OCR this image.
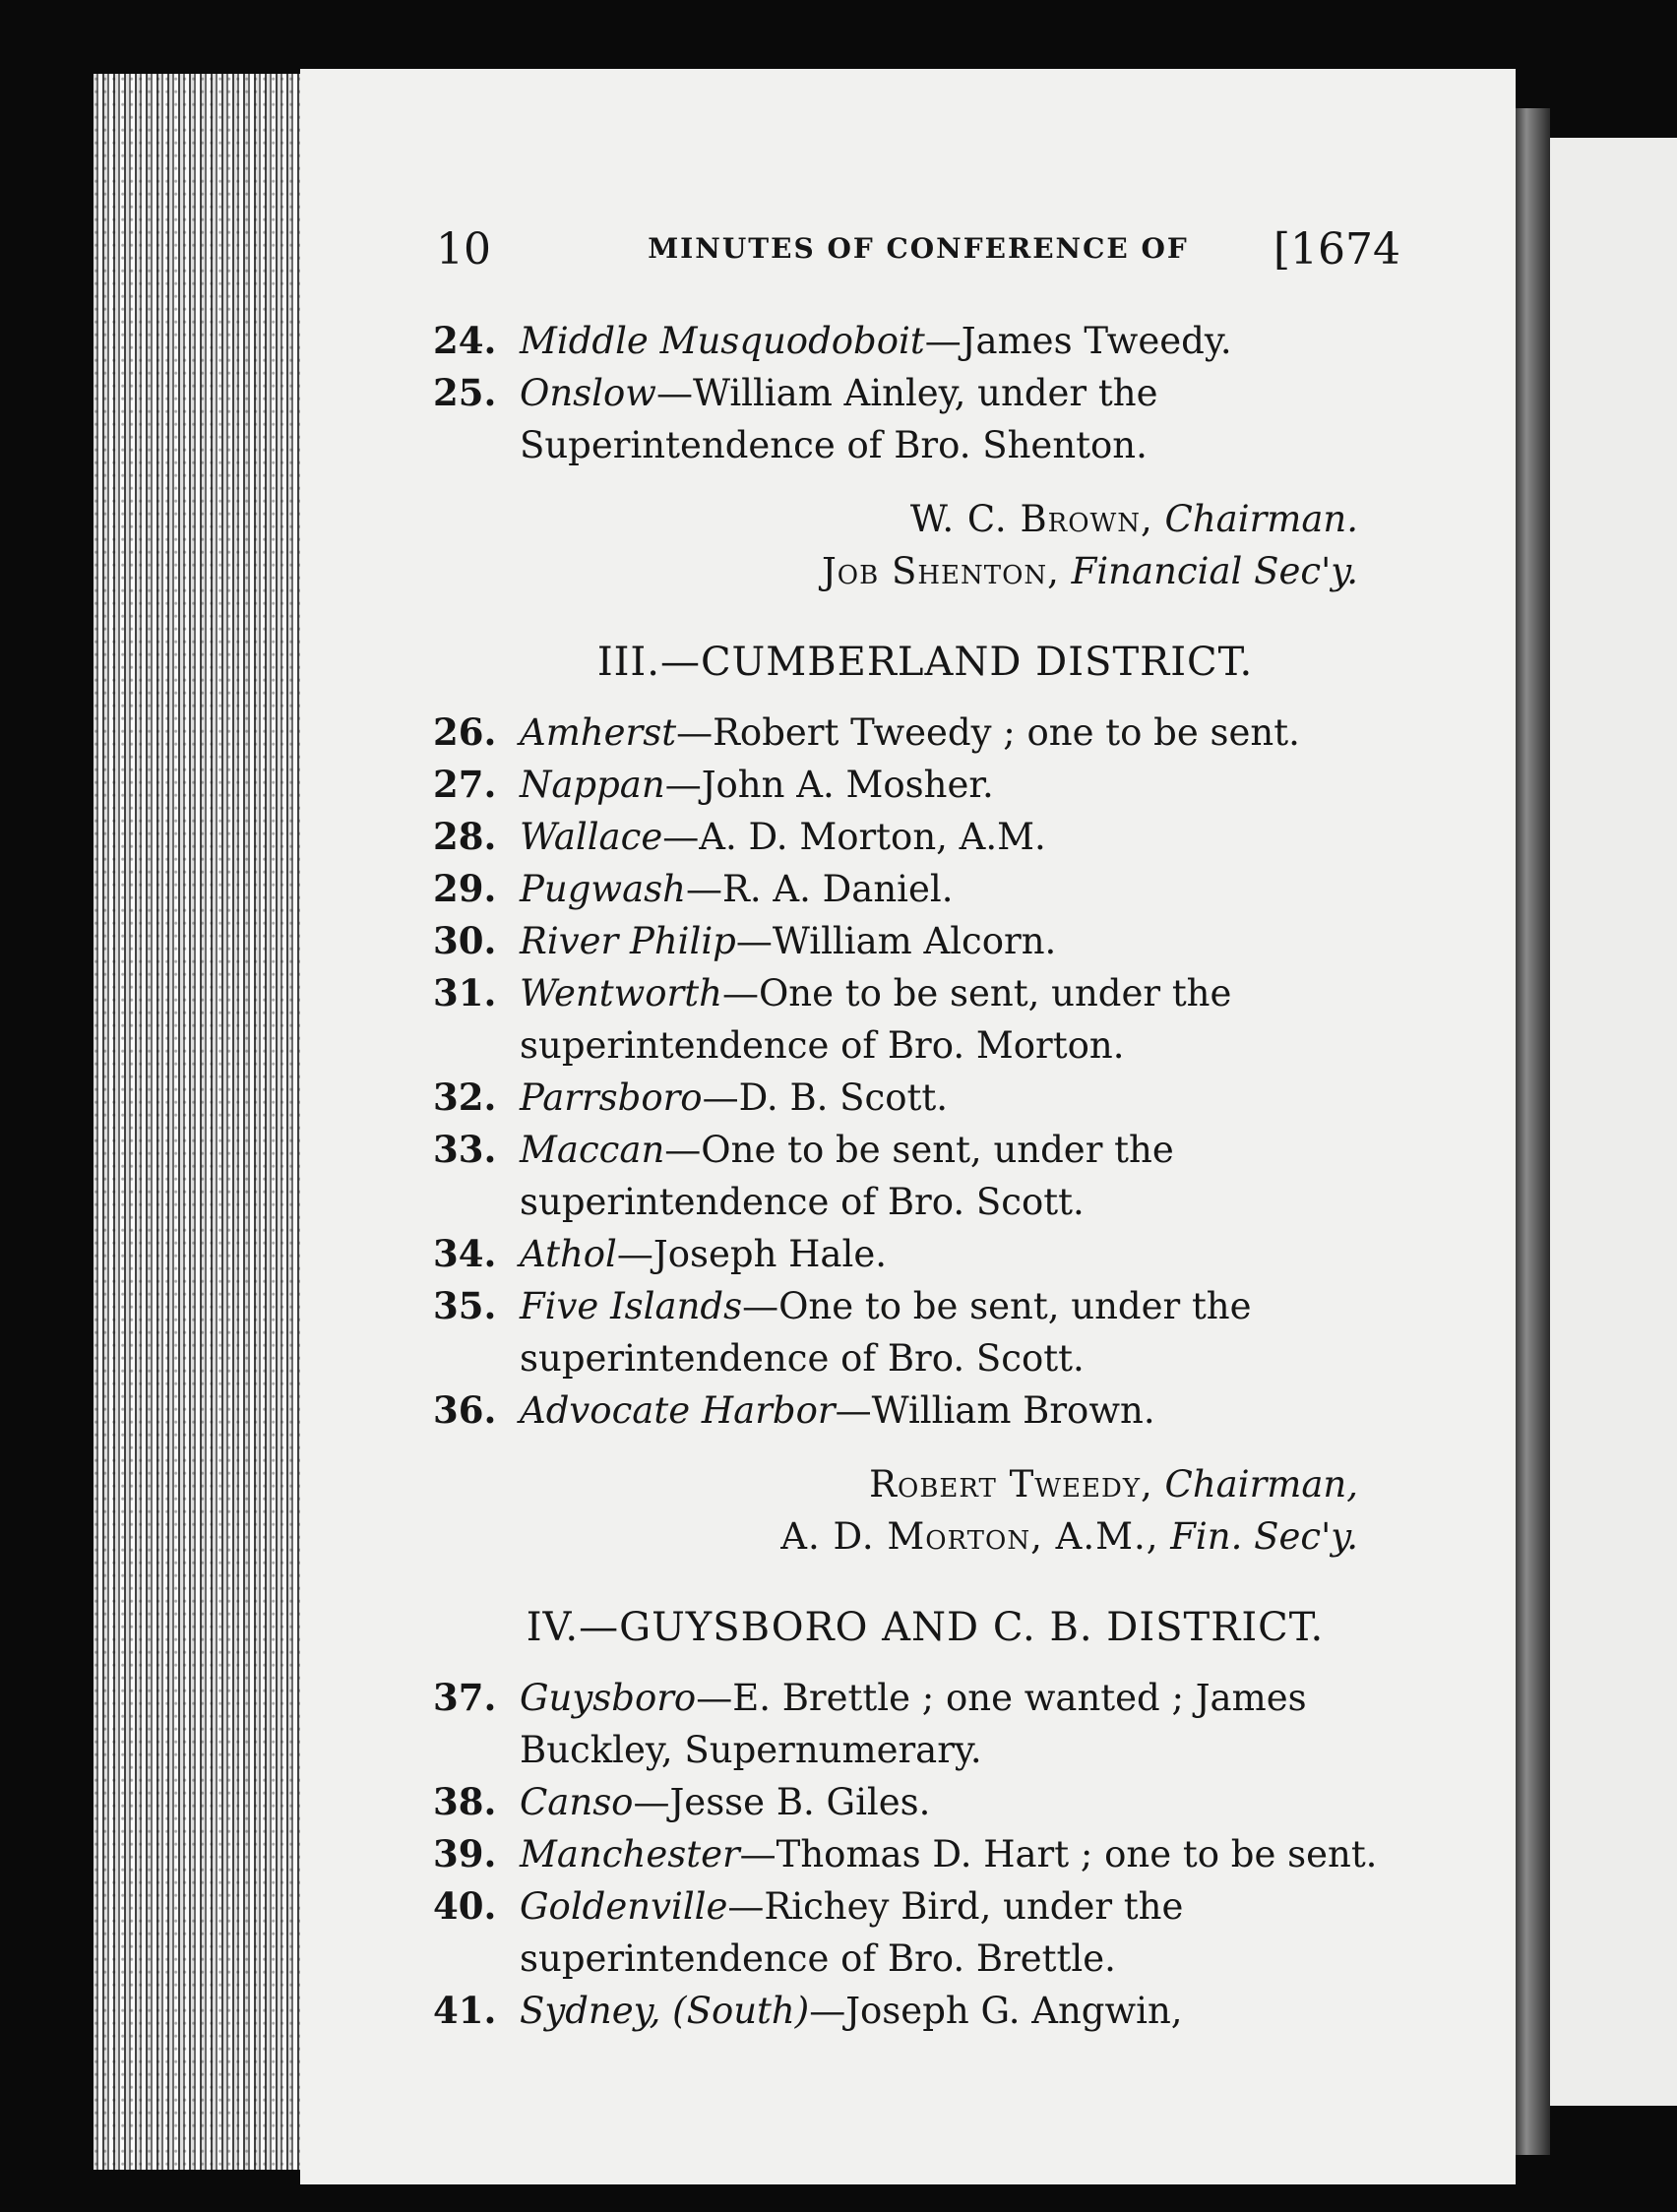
10	MINUTES OF CONFERENCE OF	[1674
24. Middle Musquodoboit—James Tweedy.
25. Onslow—William Ainley, under the Superintendence of Bro. Shenton.
W. C. Brown, Chairman.
Job Shenton, Financial Sec'y.
III.—CUMBERLAND DISTRICT.
26. Amherst—Robert Tweedy ; one to be sent.
27. Nappan—John A. Mosher.
28. Wallace—A. D. Morton, A.M.
29. Pugwash—R. A. Daniel.
30. River Philip—William Alcorn.
31. Wentworth—One to be sent, under the superintendence of Bro. Morton.
32. Parrsboro—D. B. Scott.
33. Maccan—One to be sent, under the superintendence of Bro. Scott.
34. Athol—Joseph Hale.
35. Five Islands—One to be sent, under the superintendence of Bro. Scott.
36. Advocate Harbor—William Brown.
Robert Tweedy, Chairman,
A. D. Morton, A.M., Fin. Sec'y.
IV.—GUYSBORO AND C. B. DISTRICT.
37. Guysboro—E. Brettle ; one wanted ; James Buckley, Supernumerary.
38. Canso—Jesse B. Giles.
39. Manchester—Thomas D. Hart ; one to be sent.
40. Goldenville—Richey Bird, under the superintendence of Bro. Brettle.
41. Sydney, (South)—Joseph G. Angwin,
